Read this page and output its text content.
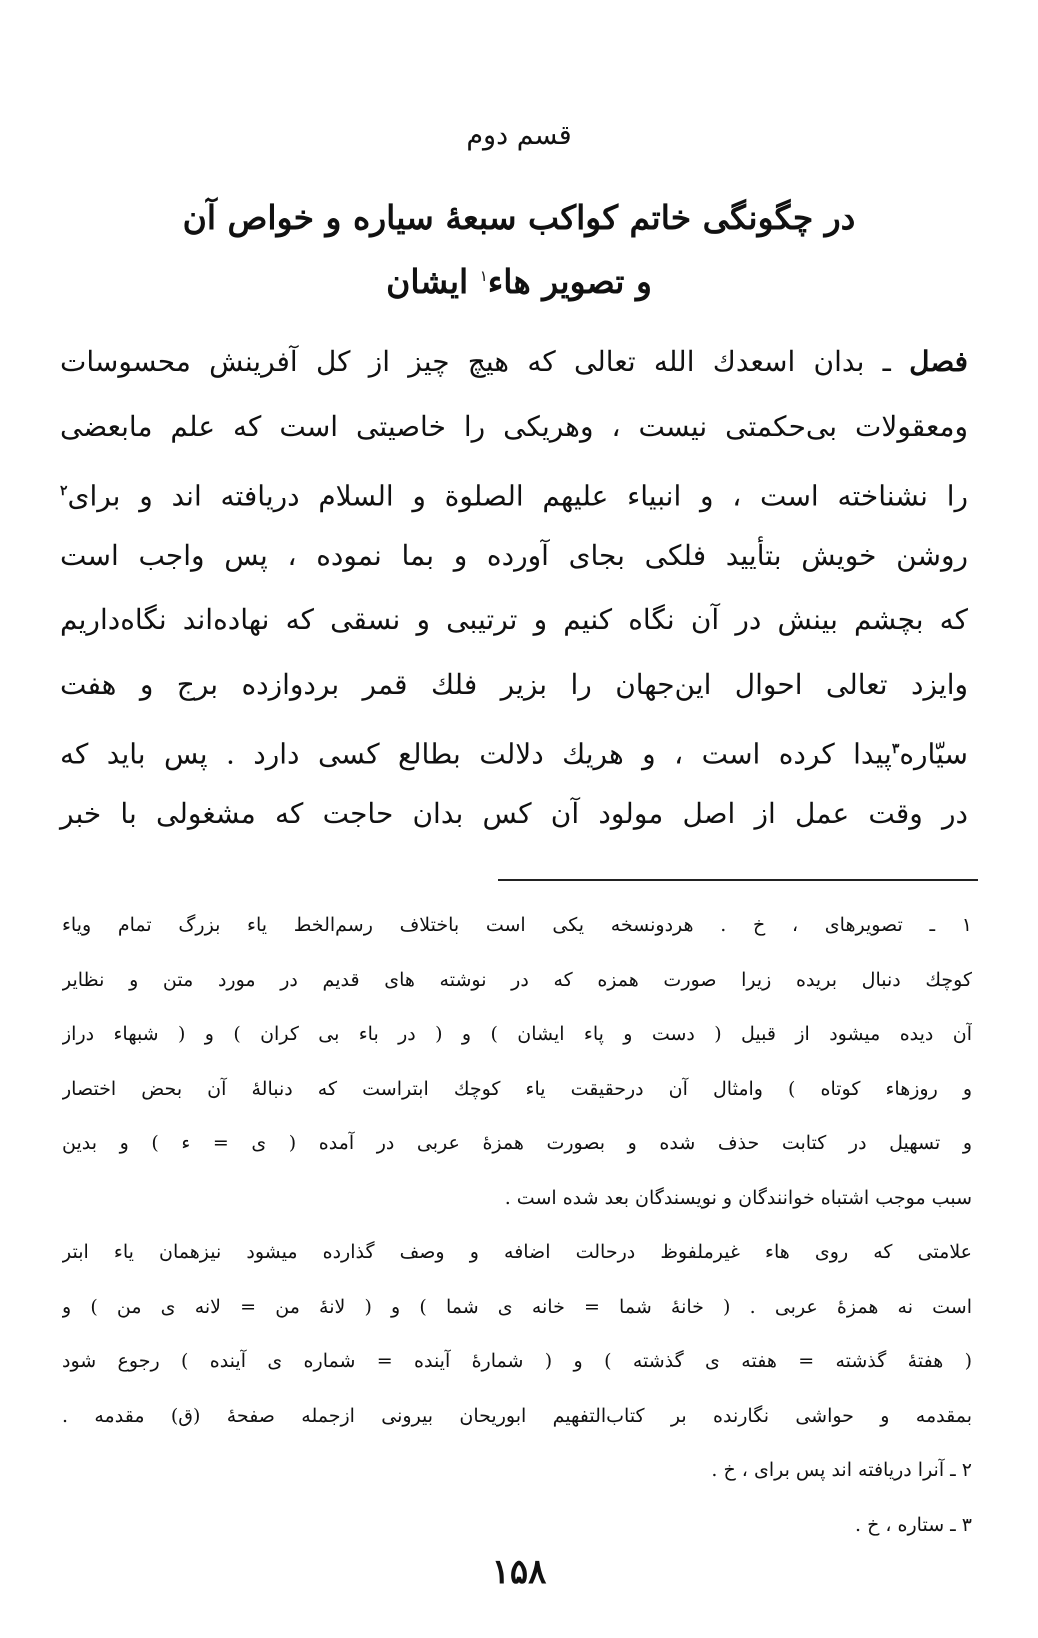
قسم دوم
در چگونگی خاتم کواکب سبعهٔ سیاره و خواص آن
و تصویر هاء$^۱$ ایشان
فصل ـ بدان اسعدك الله تعالی که هیچ چیز از کل آفرینش محسوسات
ومعقولات بی‌حکمتی نیست ، وهریکی را خاصیتی است که علم مابعضی
را نشناخته است ، و انبیاء علیهم الصلوة و السلام دریافته اند و برای$^۲$
روشن خویش بتأیید فلکی بجای آورده و بما نموده ، پس واجب است
که بچشم بینش در آن نگاه کنیم و ترتیبی و نسقی که نهاده‌اند نگاه‌داریم
وایزد تعالی احوال این‌جهان را بزیر فلك قمر بردوازده برج و هفت
سیّاره$^۳$پیدا کرده است ، و هریك دلالت بطالع کسی دارد . پس باید که
در وقت عمل از اصل مولود آن کس بدان حاجت که مشغولی با خبر
۱ ـ تصویرهای ، خ . هردونسخه یکی است باختلاف رسم‌الخط یاء بزرگ تمام ویاء
کوچك دنبال بریده زیرا صورت همزه که در نوشته های قدیم در مورد متن و نظایر
آن دیده میشود از قبیل ( دست و پاء ایشان ) و ( در باء بی کران ) و ( شبهاء دراز
و روزهاء کوتاه ) وامثال آن درحقیقت یاء کوچك ابتراست که دنبالهٔ آن بحض اختصار
و تسهیل در کتابت حذف شده و بصورت همزهٔ عربی در آمده ( ی = ء ) و بدین
سبب موجب اشتباه خوانندگان و نویسندگان بعد شده است .
علامتی که روی هاء غیرملفوظ درحالت اضافه و وصف گذارده میشود نیزهمان یاء ابتر
است نه همزهٔ عربی . ( خانهٔ شما = خانه ی شما ) و ( لانهٔ من = لانه ی من ) و
( هفتهٔ گذشته = هفته ی گذشته ) و ( شمارهٔ آینده = شماره ی آینده ) رجوع شود
بمقدمه و حواشی نگارنده بر کتاب‌التفهیم ابوریحان بیرونی ازجمله صفحهٔ (ق) مقدمه .
۲ ـ آنرا دریافته اند پس برای ، خ .
۳ ـ ستاره ، خ .
۱۵۸
